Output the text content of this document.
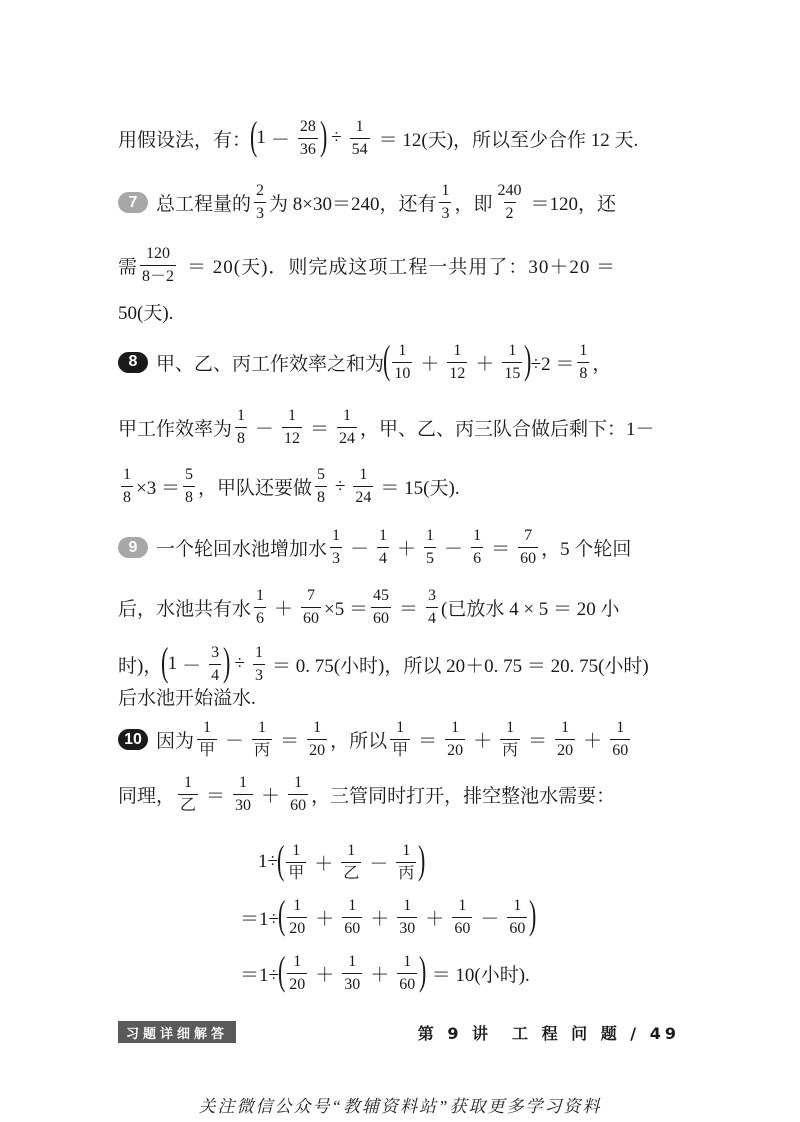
用假设法，有：
(
$1 - \frac{28}{36}$ ) ÷ $\frac{1}{54} = 12$(天)，所以至少合作 12 天.
7 总工程量的 $\frac{2}{3}$ 为 8×30＝240，还有 $\frac{1}{3}$ ，即 $\frac{240}{2} =120$，还
需 $\frac{120}{8-2} = 20$(天)．则完成这项工程一共用了：30＋20 ＝
50(天).
8 甲、乙、丙工作效率之和为
( $\frac{1}{10} + \frac{1}{12} + \frac{1}{15}$ )
$\div 2 = \frac{1}{8}$ ，
甲工作效率为 $\frac{1}{8} - \frac{1}{12} = \frac{1}{24}$ ，甲、乙、丙三队合做后剩下：1－
$\frac{1}{8} \times 3 = \frac{5}{8}$ ，甲队还要做 $\frac{5}{8} \div \frac{1}{24} = 15$(天).
9 一个轮回水池增加水 $\frac{1}{3} - \frac{1}{4} + \frac{1}{5} - \frac{1}{6} = \frac{7}{60}$ ，5 个轮回
后，水池共有水 $\frac{1}{6} + \frac{7}{60} \times 5 = \frac{45}{60} = \frac{3}{4}$ (已放水 4 × 5 ＝ 20 小
时)，
(
$1 - \frac{3}{4}$ ) ÷ $\frac{1}{3} = 0$. 75(小时)，所以 20＋0. 75 ＝ 20. 75(小时)
后水池开始溢水.
10 因为 $\frac{1}{\text{甲}} - \frac{1}{\text{丙}} = \frac{1}{20}$ ，所以 $\frac{1}{\text{甲}} = \frac{1}{20} + \frac{1}{\text{丙}} = \frac{1}{20} + \frac{1}{60}$
同理， $\frac{1}{\text{乙}} = \frac{1}{30} + \frac{1}{60}$ ，三管同时打开，排空整池水需要：
1÷
( $\frac{1}{\text{甲}} + \frac{1}{\text{乙}} - \frac{1}{\text{丙}}$ )
＝1÷
( $\frac{1}{20} + \frac{1}{60} + \frac{1}{30} + \frac{1}{60} - \frac{1}{60}$ )
＝1÷
( $\frac{1}{20} + \frac{1}{30} + \frac{1}{60}$ ) ＝ 10(小时).
习题详细解答	第 9 讲　工 程 问 题 / 49
关注微信公众号“教辅资料站”获取更多学习资料
